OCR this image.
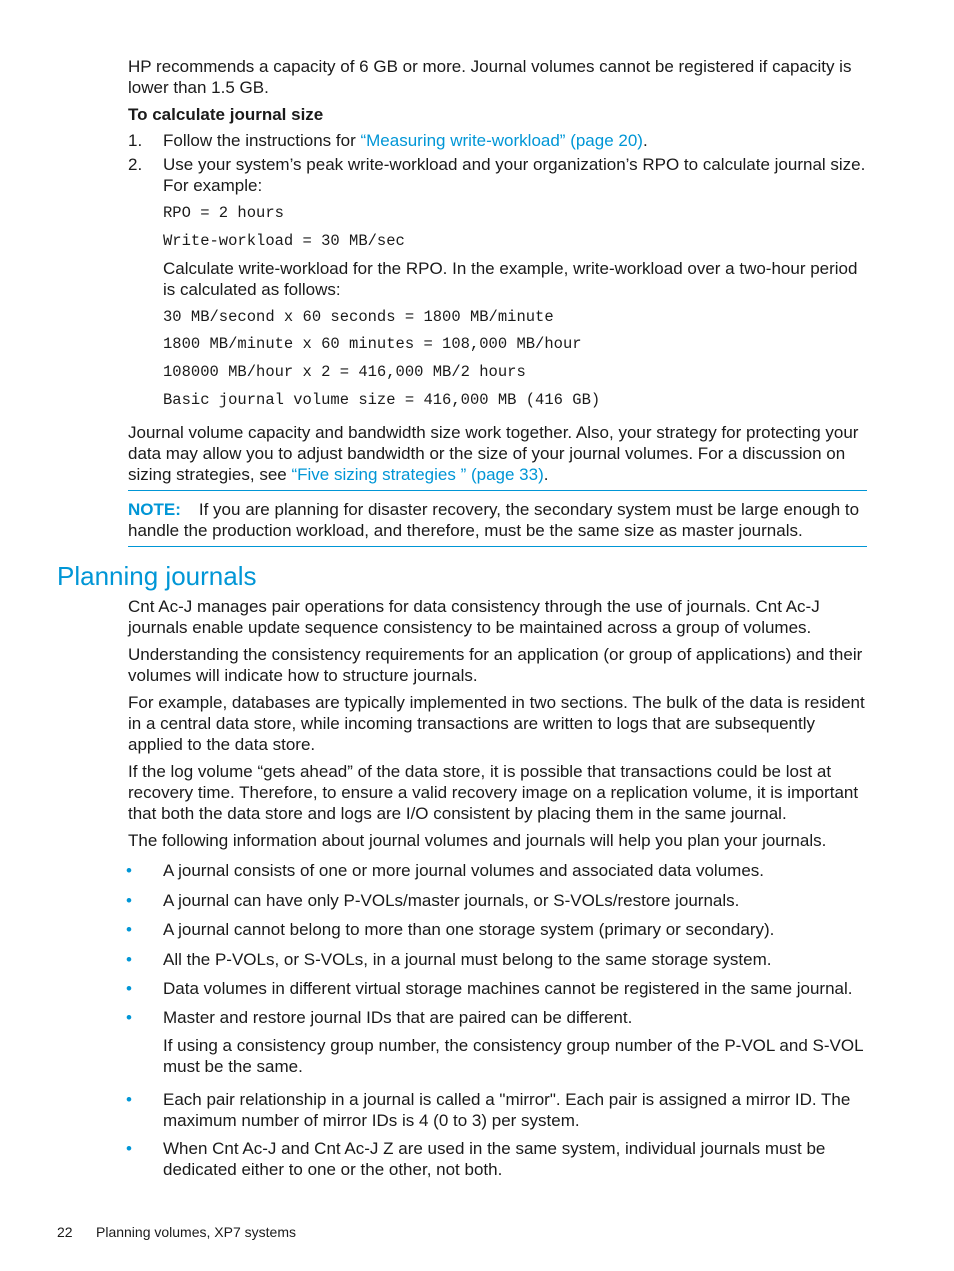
HP recommends a capacity of 6 GB or more. Journal volumes cannot be registered if capacity is lower than 1.5 GB.

To calculate journal size

1. Follow the instructions for “Measuring write-workload” (page 20).

2. Use your system’s peak write-workload and your organization’s RPO to calculate journal size. For example:

RPO = 2 hours

Write-workload = 30 MB/sec

Calculate write-workload for the RPO. In the example, write-workload over a two-hour period is calculated as follows:

30 MB/second x 60 seconds = 1800 MB/minute

1800 MB/minute x 60 minutes = 108,000 MB/hour

108000 MB/hour x 2 = 416,000 MB/2 hours

Basic journal volume size = 416,000 MB (416 GB)

Journal volume capacity and bandwidth size work together. Also, your strategy for protecting your data may allow you to adjust bandwidth or the size of your journal volumes. For a discussion on sizing strategies, see “Five sizing strategies ” (page 33).

NOTE: If you are planning for disaster recovery, the secondary system must be large enough to handle the production workload, and therefore, must be the same size as master journals.

Planning journals

Cnt Ac-J manages pair operations for data consistency through the use of journals. Cnt Ac-J journals enable update sequence consistency to be maintained across a group of volumes.

Understanding the consistency requirements for an application (or group of applications) and their volumes will indicate how to structure journals.

For example, databases are typically implemented in two sections. The bulk of the data is resident in a central data store, while incoming transactions are written to logs that are subsequently applied to the data store.

If the log volume “gets ahead” of the data store, it is possible that transactions could be lost at recovery time. Therefore, to ensure a valid recovery image on a replication volume, it is important that both the data store and logs are I/O consistent by placing them in the same journal.

The following information about journal volumes and journals will help you plan your journals.

• A journal consists of one or more journal volumes and associated data volumes.

• A journal can have only P-VOLs/master journals, or S-VOLs/restore journals.

• A journal cannot belong to more than one storage system (primary or secondary).

• All the P-VOLs, or S-VOLs, in a journal must belong to the same storage system.

• Data volumes in different virtual storage machines cannot be registered in the same journal.

• Master and restore journal IDs that are paired can be different.

If using a consistency group number, the consistency group number of the P-VOL and S-VOL must be the same.

• Each pair relationship in a journal is called a "mirror". Each pair is assigned a mirror ID. The maximum number of mirror IDs is 4 (0 to 3) per system.

• When Cnt Ac-J and Cnt Ac-J Z are used in the same system, individual journals must be dedicated either to one or the other, not both.

22 Planning volumes, XP7 systems
